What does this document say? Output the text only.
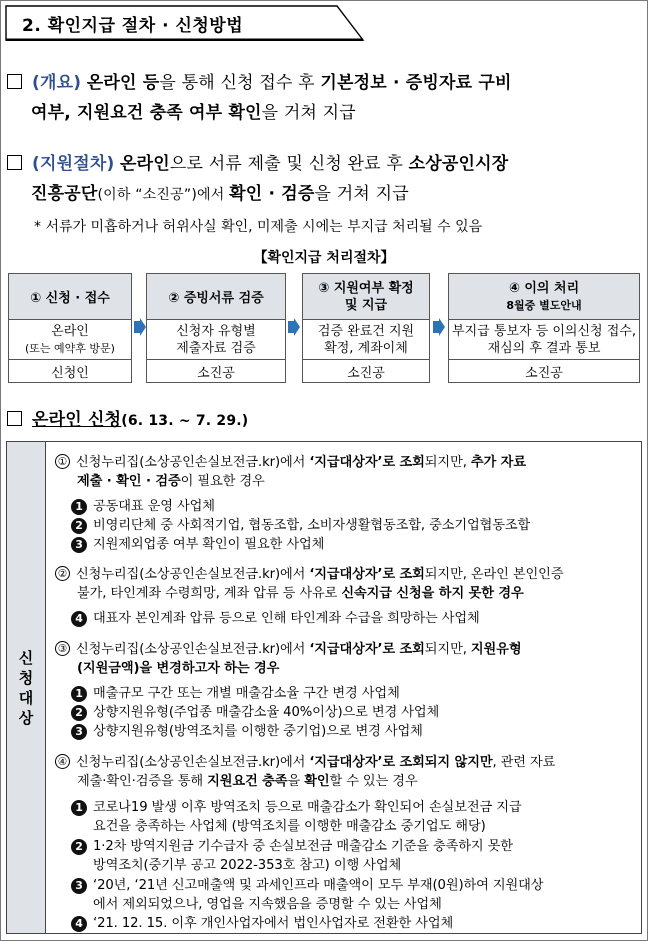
2. 확인지급 절차 · 신청방법
(개요) 온라인 등을 통해 신청 접수 후 기본정보 · 증빙자료 구비
여부, 지원요건 충족 여부 확인을 거쳐 지급
(지원절차) 온라인으로 서류 제출 및 신청 완료 후 소상공인시장
진흥공단(이하 “소진공”)에서 확인 · 검증을 거쳐 지급
* 서류가 미흡하거나 허위사실 확인, 미제출 시에는 부지급 처리될 수 있음
【확인지급 처리절차】
① 신청 · 접수
온라인
(또는 예약후 방문)
신청인
② 증빙서류 검증
신청자 유형별
제출자료 검증
소진공
③ 지원여부 확정
및 지급
검증 완료건 지원
확정, 계좌이체
소진공
④ 이의 처리
8월중 별도안내
부지급 통보자 등 이의신청 접수,
재심의 후 결과 통보
소진공
온라인 신청(6. 13. ~ 7. 29.)
신
청
대
상
① 신청누리집(소상공인손실보전금.kr)에서 ‘지급대상자’로 조회되지만, 추가 자료
제출 · 확인 · 검증이 필요한 경우
1 공동대표 운영 사업체
2 비영리단체 중 사회적기업, 협동조합, 소비자생활협동조합, 중소기업협동조합
3 지원제외업종 여부 확인이 필요한 사업체
② 신청누리집(소상공인손실보전금.kr)에서 ‘지급대상자’로 조회되지만, 온라인 본인인증
불가, 타인계좌 수령희망, 계좌 압류 등 사유로 신속지급 신청을 하지 못한 경우
4 대표자 본인계좌 압류 등으로 인해 타인계좌 수급을 희망하는 사업체
③ 신청누리집(소상공인손실보전금.kr)에서 ‘지급대상자’로 조회되지만, 지원유형
(지원금액)을 변경하고자 하는 경우
1 매출규모 구간 또는 개별 매출감소율 구간 변경 사업체
2 상향지원유형(주업종 매출감소율 40%이상)으로 변경 사업체
3 상향지원유형(방역조치를 이행한 중기업)으로 변경 사업체
④ 신청누리집(소상공인손실보전금.kr)에서 ‘지급대상자’로 조회되지 않지만, 관련 자료
제출·확인·검증을 통해 지원요건 충족을 확인할 수 있는 경우
1 코로나19 발생 이후 방역조치 등으로 매출감소가 확인되어 손실보전금 지급
요건을 충족하는 사업체 (방역조치를 이행한 매출감소 중기업도 해당)
2 1·2차 방역지원금 기수급자 중 손실보전금 매출감소 기준을 충족하지 못한
방역조치(중기부 공고 2022-353호 참고) 이행 사업체
3 ‘20년, ‘21년 신고매출액 및 과세인프라 매출액이 모두 부재(0원)하여 지원대상
에서 제외되었으나, 영업을 지속했음을 증명할 수 있는 사업체
4 ‘21. 12. 15. 이후 개인사업자에서 법인사업자로 전환한 사업체
